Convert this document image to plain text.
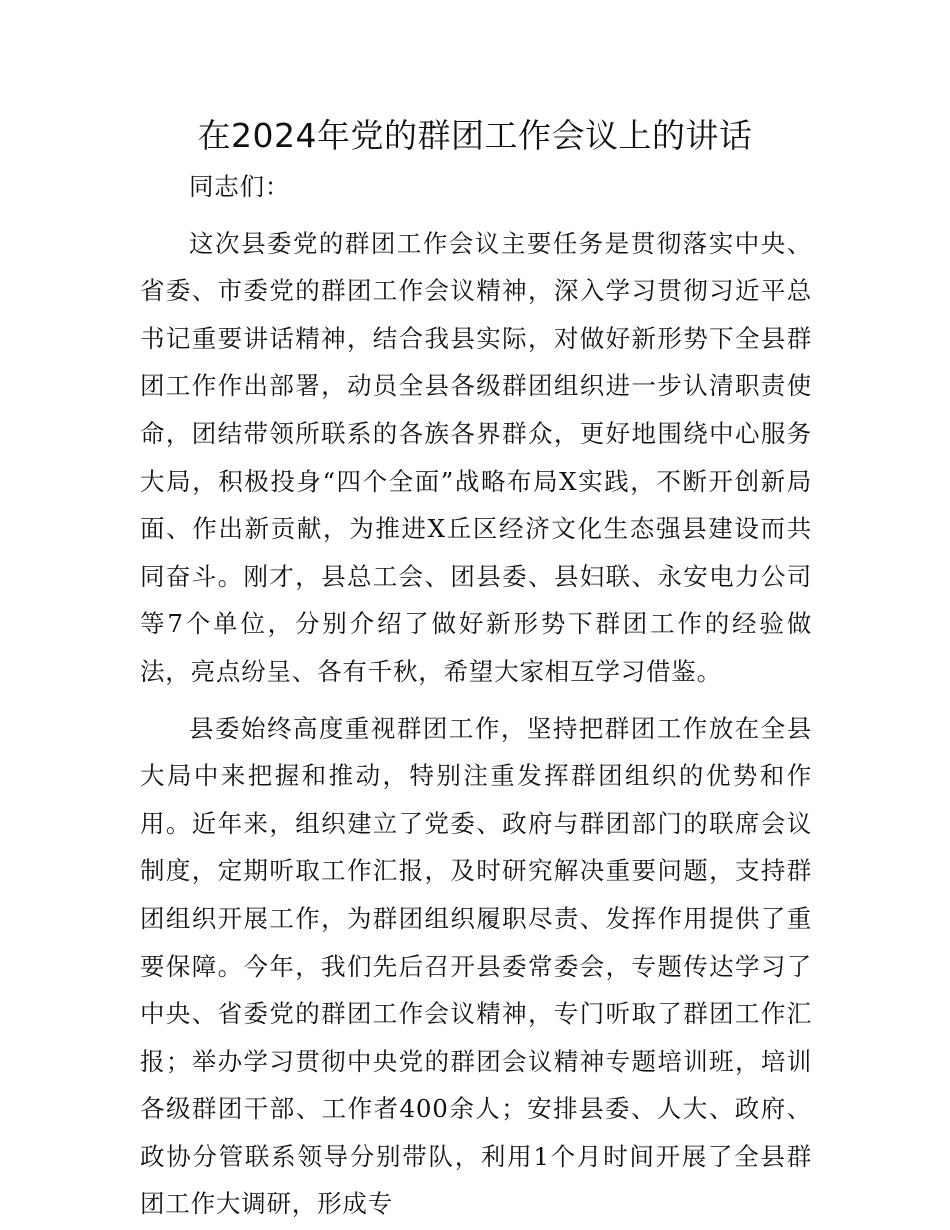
在2024年党的群团工作会议上的讲话

同志们：

这次县委党的群团工作会议主要任务是贯彻落实中央、省委、市委党的群团工作会议精神，深入学习贯彻习近平总书记重要讲话精神，结合我县实际，对做好新形势下全县群团工作作出部署，动员全县各级群团组织进一步认清职责使命，团结带领所联系的各族各界群众，更好地围绕中心服务大局，积极投身“四个全面”战略布局X实践，不断开创新局面、作出新贡献，为推进X丘区经济文化生态强县建设而共同奋斗。刚才，县总工会、团县委、县妇联、永安电力公司等7个单位，分别介绍了做好新形势下群团工作的经验做法，亮点纷呈、各有千秋，希望大家相互学习借鉴。

县委始终高度重视群团工作，坚持把群团工作放在全县大局中来把握和推动，特别注重发挥群团组织的优势和作用。近年来，组织建立了党委、政府与群团部门的联席会议制度，定期听取工作汇报，及时研究解决重要问题，支持群团组织开展工作，为群团组织履职尽责、发挥作用提供了重要保障。今年，我们先后召开县委常委会，专题传达学习了中央、省委党的群团工作会议精神，专门听取了群团工作汇报；举办学习贯彻中央党的群团会议精神专题培训班，培训各级群团干部、工作者400余人；安排县委、人大、政府、政协分管联系领导分别带队，利用1个月时间开展了全县群团工作大调研，形成专
